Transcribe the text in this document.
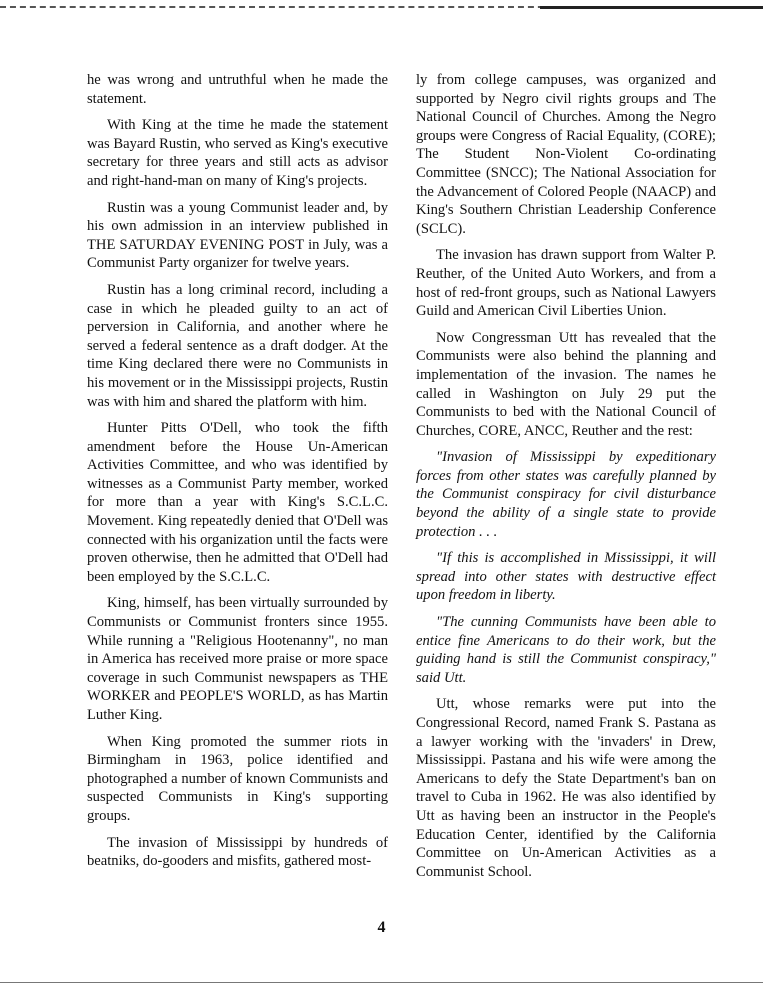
he was wrong and untruthful when he made the statement.

With King at the time he made the statement was Bayard Rustin, who served as King's executive secretary for three years and still acts as advisor and right-hand-man on many of King's projects.

Rustin was a young Communist leader and, by his own admission in an interview published in THE SATURDAY EVENING POST in July, was a Communist Party organizer for twelve years.

Rustin has a long criminal record, including a case in which he pleaded guilty to an act of perversion in California, and another where he served a federal sentence as a draft dodger. At the time King declared there were no Communists in his movement or in the Mississippi projects, Rustin was with him and shared the platform with him.

Hunter Pitts O'Dell, who took the fifth amendment before the House Un-American Activities Committee, and who was identified by witnesses as a Communist Party member, worked for more than a year with King's S.C.L.C. Movement. King repeatedly denied that O'Dell was connected with his organization until the facts were proven otherwise, then he admitted that O'Dell had been employed by the S.C.L.C.

King, himself, has been virtually surrounded by Communists or Communist fronters since 1955. While running a "Religious Hootenanny", no man in America has received more praise or more space coverage in such Communist newspapers as THE WORKER and PEOPLE'S WORLD, as has Martin Luther King.

When King promoted the summer riots in Birmingham in 1963, police identified and photographed a number of known Communists and suspected Communists in King's supporting groups.

The invasion of Mississippi by hundreds of beatniks, do-gooders and misfits, gathered most-

ly from college campuses, was organized and supported by Negro civil rights groups and The National Council of Churches. Among the Negro groups were Congress of Racial Equality, (CORE); The Student Non-Violent Co-ordinating Committee (SNCC); The National Association for the Advancement of Colored People (NAACP) and King's Southern Christian Leadership Conference (SCLC).

The invasion has drawn support from Walter P. Reuther, of the United Auto Workers, and from a host of red-front groups, such as National Lawyers Guild and American Civil Liberties Union.

Now Congressman Utt has revealed that the Communists were also behind the planning and implementation of the invasion. The names he called in Washington on July 29 put the Communists to bed with the National Council of Churches, CORE, ANCC, Reuther and the rest:

"Invasion of Mississippi by expeditionary forces from other states was carefully planned by the Communist conspiracy for civil disturbance beyond the ability of a single state to provide protection . . .

"If this is accomplished in Mississippi, it will spread into other states with destructive effect upon freedom in liberty.

"The cunning Communists have been able to entice fine Americans to do their work, but the guiding hand is still the Communist conspiracy," said Utt.

Utt, whose remarks were put into the Congressional Record, named Frank S. Pastana as a lawyer working with the 'invaders' in Drew, Mississippi. Pastana and his wife were among the Americans to defy the State Department's ban on travel to Cuba in 1962. He was also identified by Utt as having been an instructor in the People's Education Center, identified by the California Committee on Un-American Activities as a Communist School.

4
